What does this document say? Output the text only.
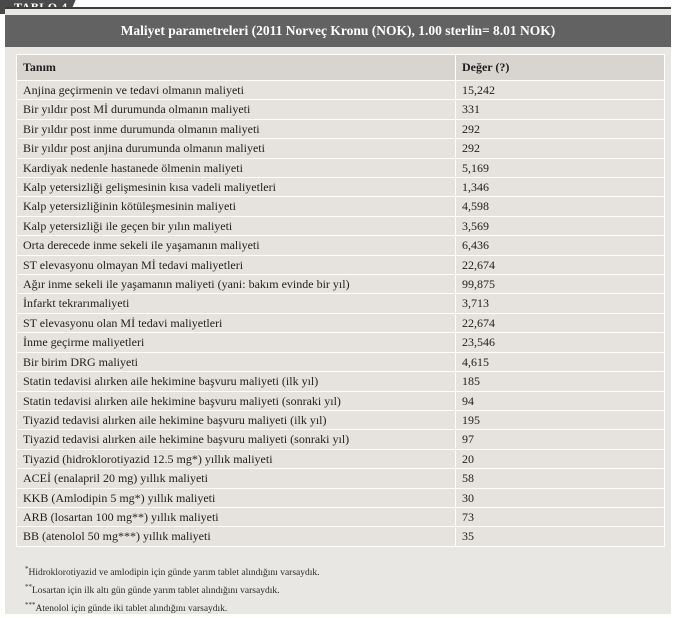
Maliyet parametreleri (2011 Norveç Kronu (NOK), 1.00 sterlin= 8.01 NOK)
Tanım	Değer (?)
Anjina geçirmenin ve tedavi olmanın maliyeti	15,242
Bir yıldır post Mİ durumunda olmanın maliyeti	331
Bir yıldır post inme durumunda olmanın maliyeti	292
Bir yıldır post anjina durumunda olmanın maliyeti	292
Kardiyak nedenle hastanede ölmenin maliyeti	5,169
Kalp yetersizliği gelişmesinin kısa vadeli maliyetleri	1,346
Kalp yetersizliğinin kötüleşmesinin maliyeti	4,598
Kalp yetersizliği ile geçen bir yılın maliyeti	3,569
Orta derecede inme sekeli ile yaşamanın maliyeti	6,436
ST elevasyonu olmayan Mİ tedavi maliyetleri	22,674
Ağır inme sekeli ile yaşamanın maliyeti (yani: bakım evinde bir yıl)	99,875
İnfarkt tekrarımaliyeti	3,713
ST elevasyonu olan Mİ tedavi maliyetleri	22,674
İnme geçirme maliyetleri	23,546
Bir birim DRG maliyeti	4,615
Statin tedavisi alırken aile hekimine başvuru maliyeti (ilk yıl)	185
Statin tedavisi alırken aile hekimine başvuru maliyeti (sonraki yıl)	94
Tiyazid tedavisi alırken aile hekimine başvuru maliyeti (ilk yıl)	195
Tiyazid tedavisi alırken aile hekimine başvuru maliyeti (sonraki yıl)	97
Tiyazid (hidroklorotiyazid 12.5 mg*) yıllık maliyeti	20
ACEİ (enalapril 20 mg) yıllık maliyeti	58
KKB (Amlodipin 5 mg*) yıllık maliyeti	30
ARB (losartan 100 mg**) yıllık maliyeti	73
BB (atenolol 50 mg***) yıllık maliyeti	35
*Hidroklorotiyazid ve amlodipin için günde yarım tablet alındığını varsaydık.
**Losartan için ilk altı gün günde yarım tablet alındığını varsaydık.
***Atenolol için günde iki tablet alındığını varsaydık.
